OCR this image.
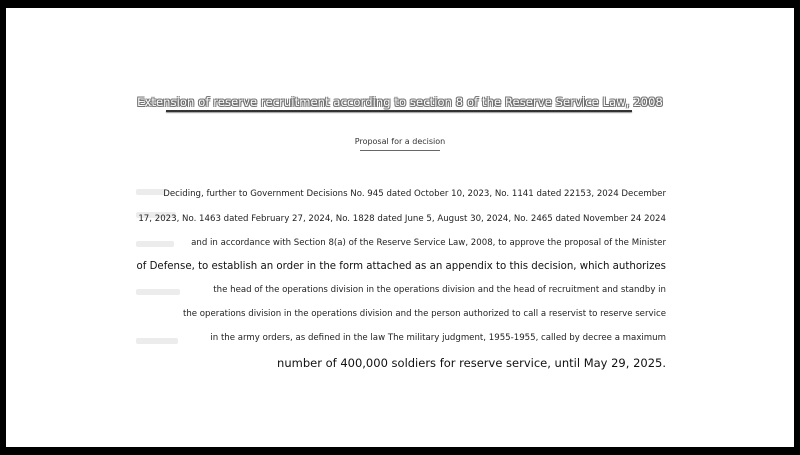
Extension of reserve recruitment according to section 8 of the Reserve Service Law, 2008
Proposal for a decision
Deciding, further to Government Decisions No. 945 dated October 10, 2023, No. 1141 dated 22153, 2024 December
17, 2023, No. 1463 dated February 27, 2024, No. 1828 dated June 5, August 30, 2024, No. 2465 dated November 24 2024
and in accordance with Section 8(a) of the Reserve Service Law, 2008, to approve the proposal of the Minister
of Defense, to establish an order in the form attached as an appendix to this decision, which authorizes
the head of the operations division in the operations division and the head of recruitment and standby in
the operations division in the operations division and the person authorized to call a reservist to reserve service
in the army orders, as defined in the law The military judgment, 1955-1955, called by decree a maximum
number of 400,000 soldiers for reserve service, until May 29, 2025.
